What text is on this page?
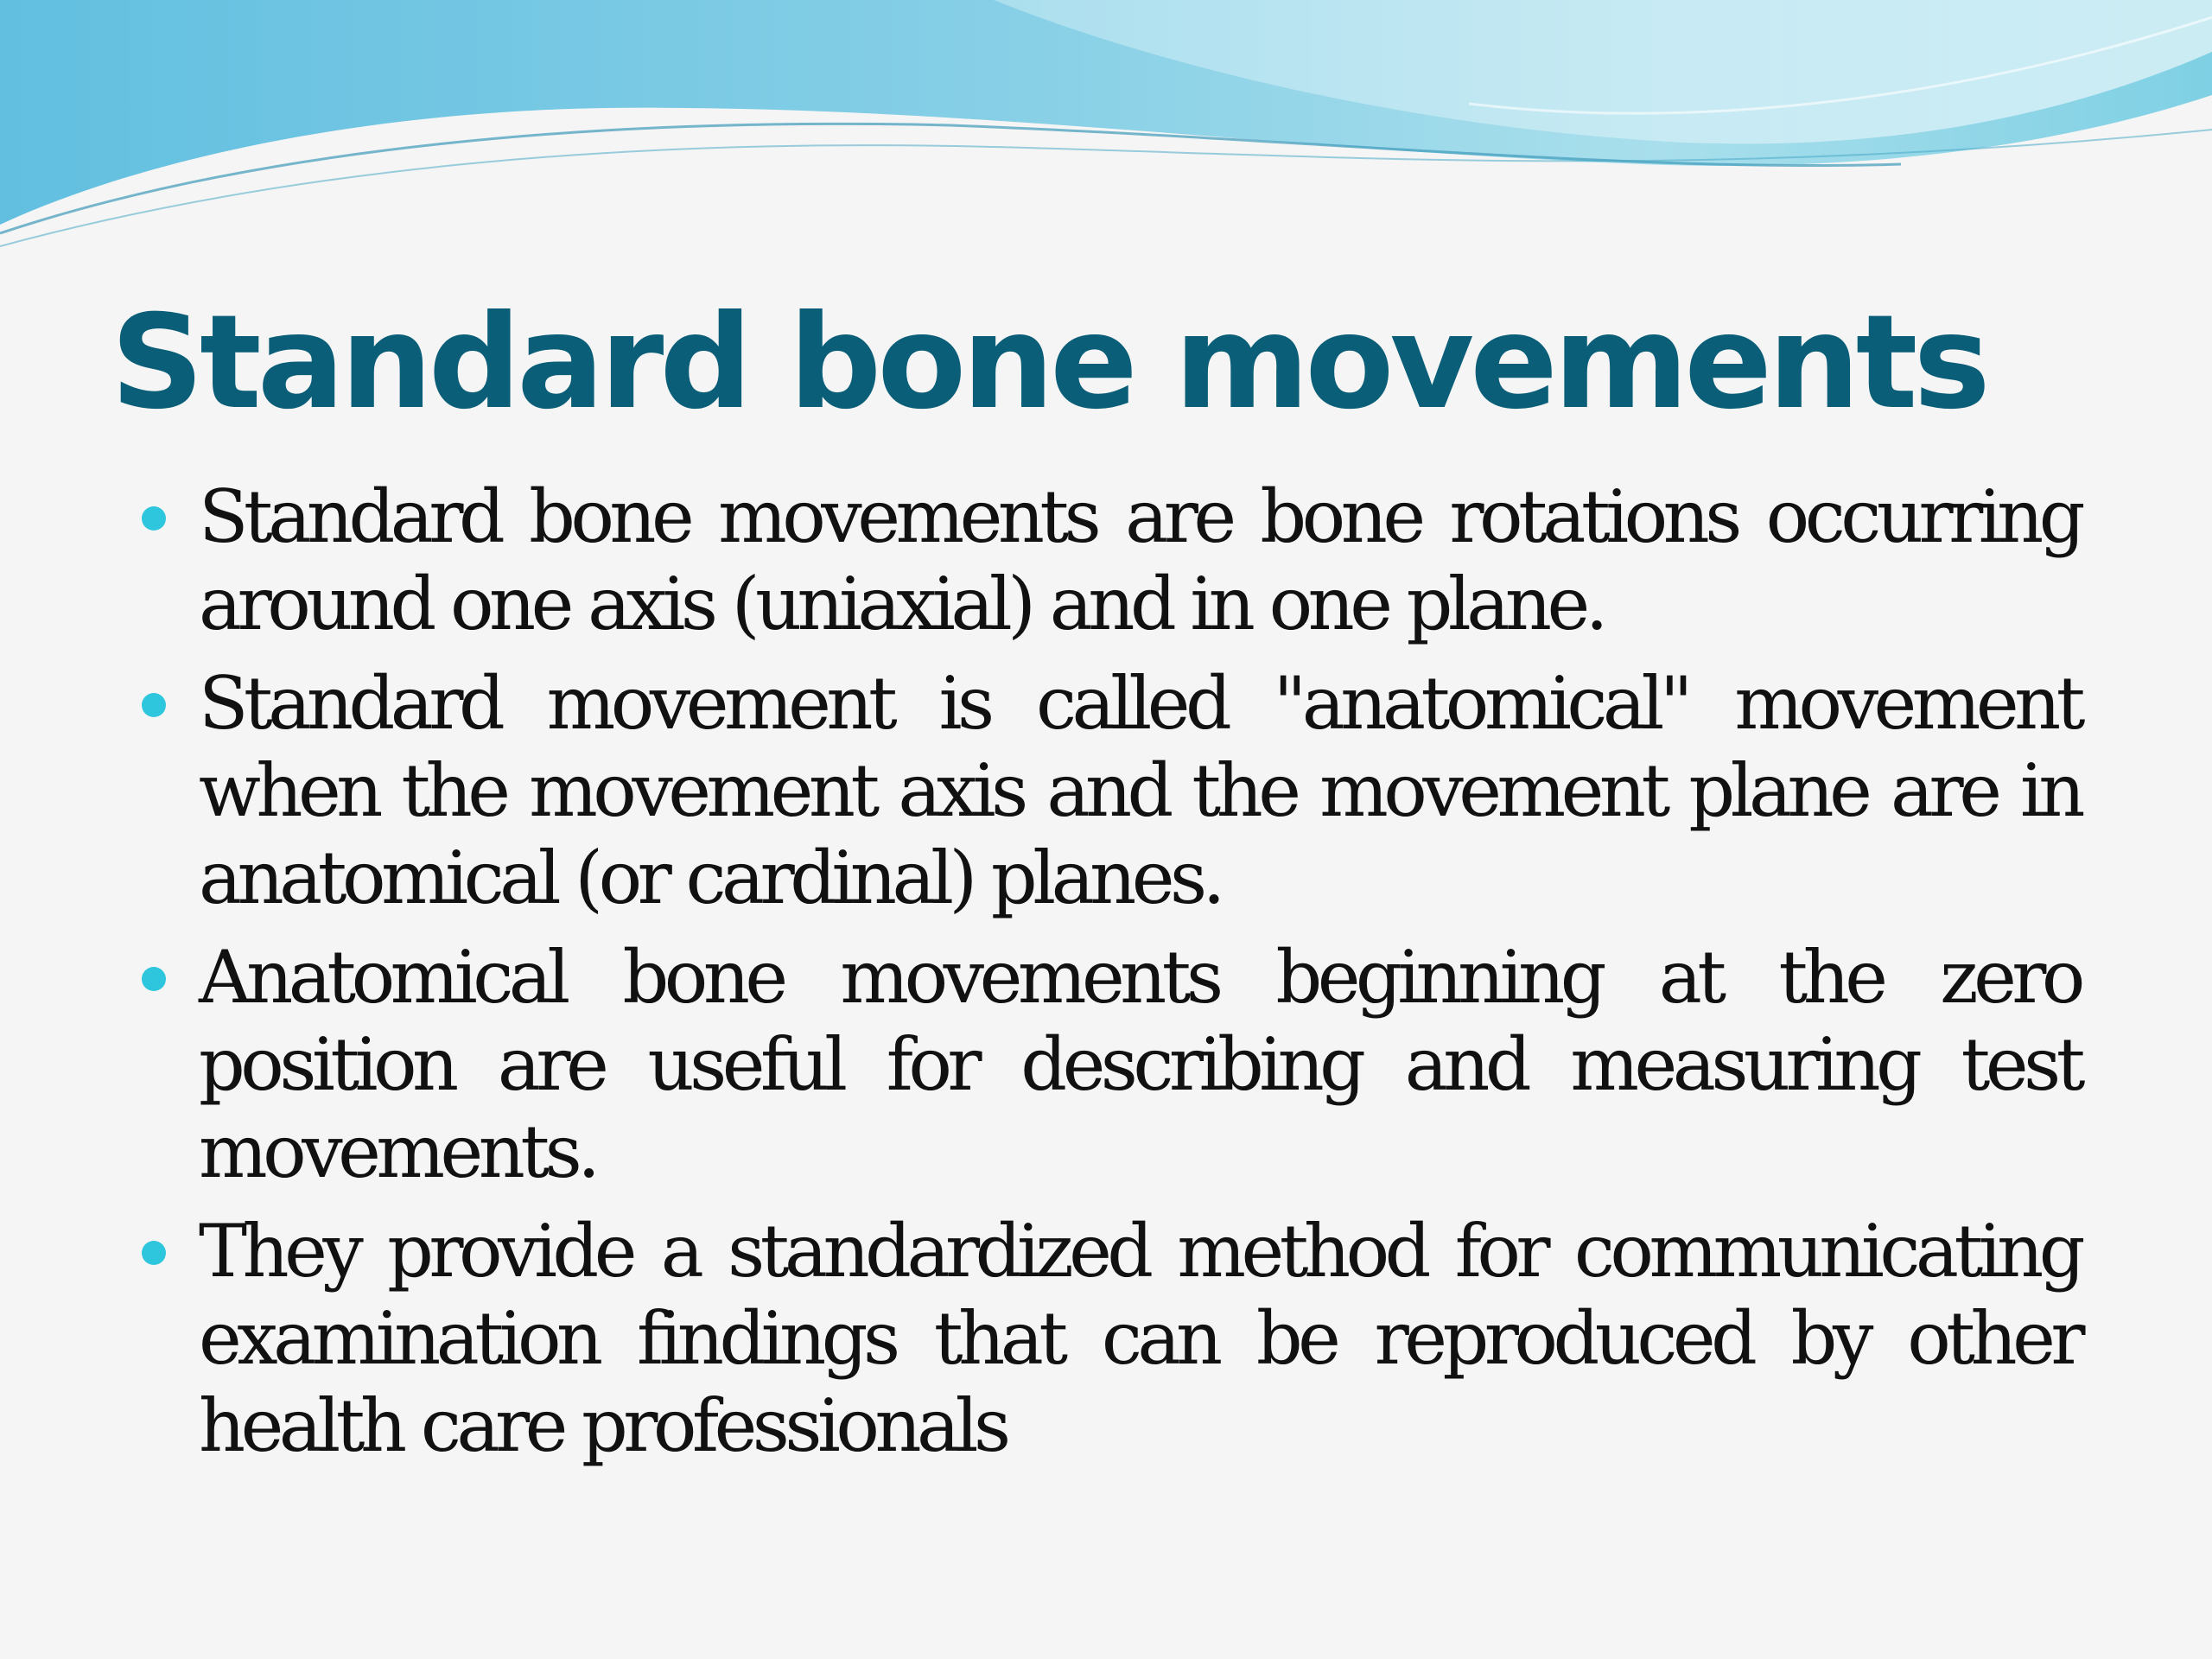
Standard bone movements
Standard bone movements are bone rotations occurring around one axis (uniaxial) and in one plane.
Standard movement is called "anatomical" movement when the movement axis and the movement plane are in anatomical (or cardinal) planes.
Anatomical bone movements beginning at the zero position are useful for describing and measuring test movements.
They provide a standardized method for communicating examination findings that can be reproduced by other health care professionals
